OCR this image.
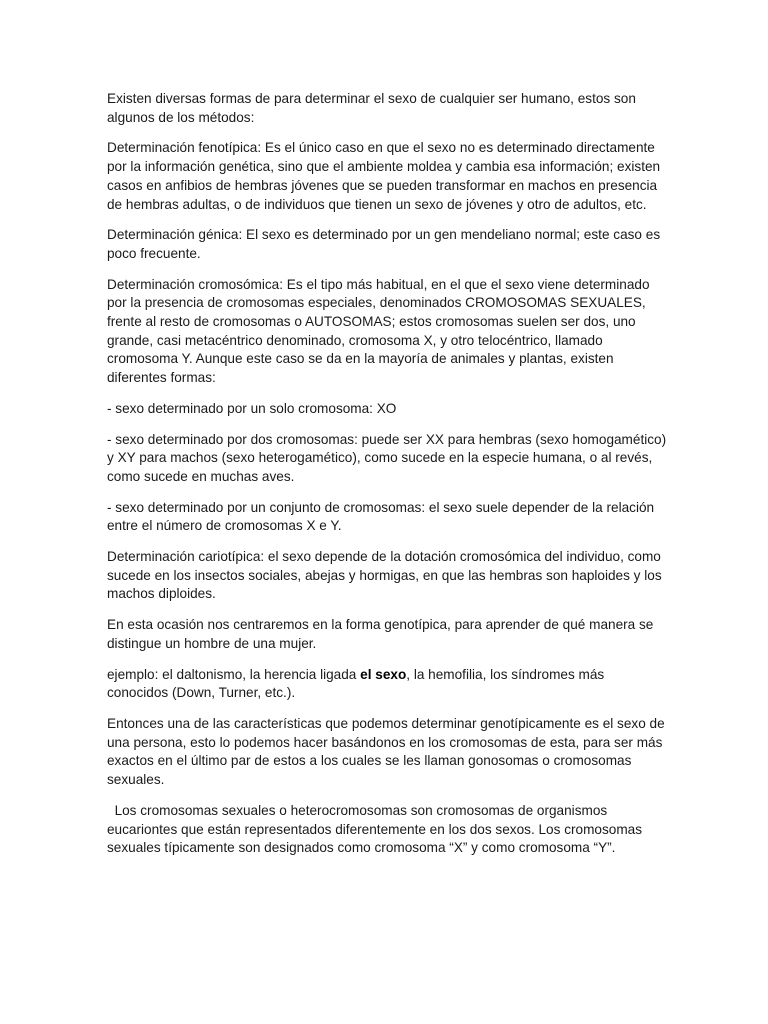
Existen diversas formas de para determinar el sexo de cualquier ser humano, estos son algunos de los métodos:

Determinación fenotípica: Es el único caso en que el sexo no es determinado directamente por la información genética, sino que el ambiente moldea y cambia esa información; existen casos en anfibios de hembras jóvenes que se pueden transformar en machos en presencia de hembras adultas, o de individuos que tienen un sexo de jóvenes y otro de adultos, etc.

Determinación génica: El sexo es determinado por un gen mendeliano normal; este caso es poco frecuente.

Determinación cromosómica: Es el tipo más habitual, en el que el sexo viene determinado por la presencia de cromosomas especiales, denominados CROMOSOMAS SEXUALES, frente al resto de cromosomas o AUTOSOMAS; estos cromosomas suelen ser dos, uno grande, casi metacéntrico denominado, cromosoma X, y otro telocéntrico, llamado cromosoma Y. Aunque este caso se da en la mayoría de animales y plantas, existen diferentes formas:

- sexo determinado por un solo cromosoma: XO

- sexo determinado por dos cromosomas: puede ser XX para hembras (sexo homogamético) y XY para machos (sexo heterogamético), como sucede en la especie humana, o al revés, como sucede en muchas aves.

- sexo determinado por un conjunto de cromosomas: el sexo suele depender de la relación entre el número de cromosomas X e Y.

Determinación cariotípica: el sexo depende de la dotación cromosómica del individuo, como sucede en los insectos sociales, abejas y hormigas, en que las hembras son haploides y los machos diploides.

En esta ocasión nos centraremos en la forma genotípica, para aprender de qué manera se distingue un hombre de una mujer.

ejemplo: el daltonismo, la herencia ligada el sexo, la hemofilia, los síndromes más conocidos (Down, Turner, etc.).

Entonces una de las características que podemos determinar genotípicamente es el sexo de una persona, esto lo podemos hacer basándonos en los cromosomas de esta, para ser más exactos en el último par de estos a los cuales se les llaman gonosomas o cromosomas sexuales.

Los cromosomas sexuales o heterocromosomas son cromosomas de organismos eucariontes que están representados diferentemente en los dos sexos. Los cromosomas sexuales típicamente son designados como cromosoma “X” y como cromosoma “Y”.
